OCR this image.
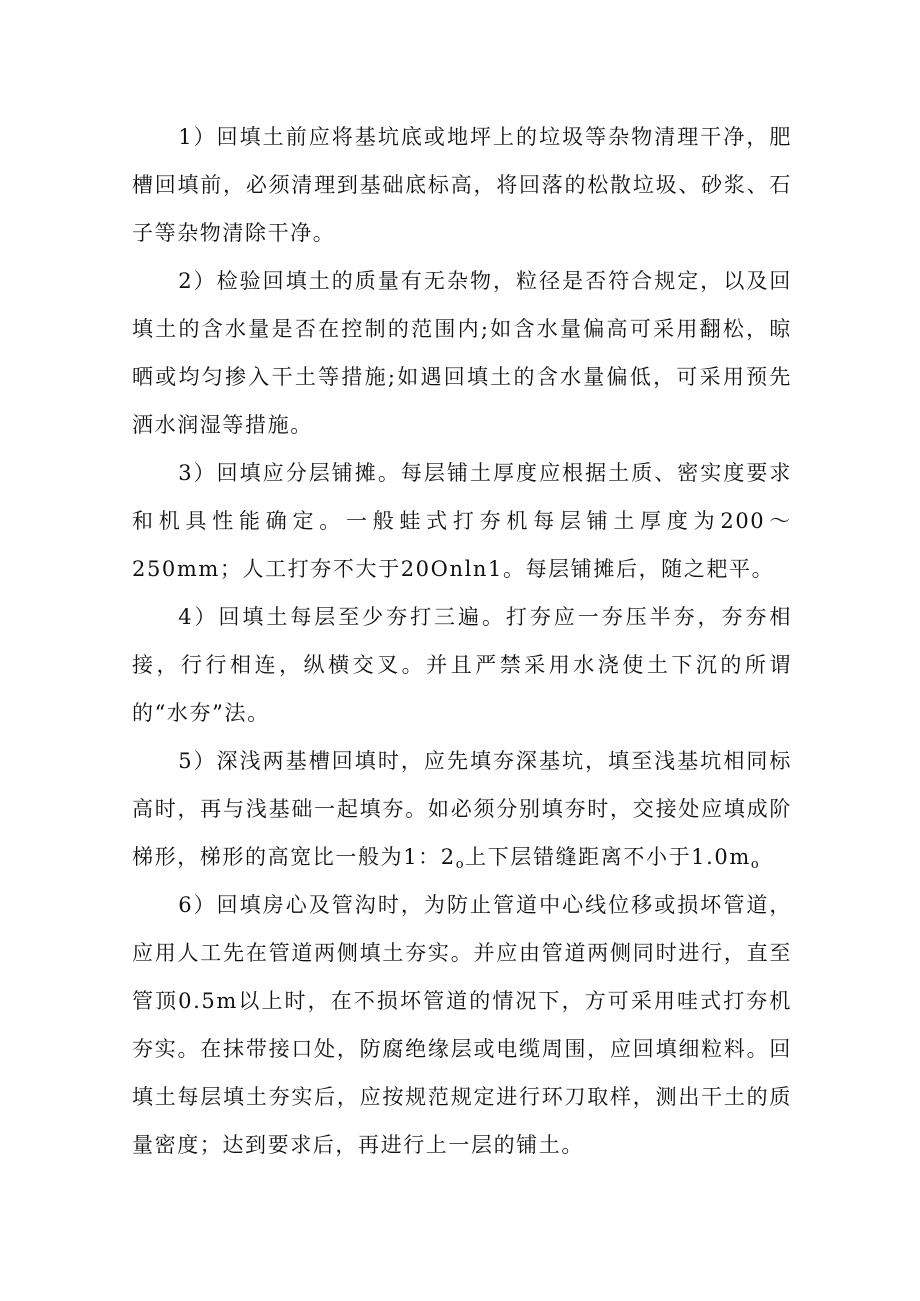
1）回填土前应将基坑底或地坪上的垃圾等杂物清理干净，肥槽回填前，必须清理到基础底标高，将回落的松散垃圾、砂浆、石子等杂物清除干净。

2）检验回填土的质量有无杂物，粒径是否符合规定，以及回填土的含水量是否在控制的范围内;如含水量偏高可采用翻松，晾晒或均匀掺入干土等措施;如遇回填土的含水量偏低，可采用预先洒水润湿等措施。

3）回填应分层铺摊。每层铺土厚度应根据土质、密实度要求和机具性能确定。一般蛙式打夯机每层铺土厚度为200～250mm；人工打夯不大于20Onln1。每层铺摊后，随之耙平。

4）回填土每层至少夯打三遍。打夯应一夯压半夯，夯夯相接，行行相连，纵横交叉。并且严禁采用水浇使土下沉的所谓的“水夯”法。

5）深浅两基槽回填时，应先填夯深基坑，填至浅基坑相同标高时，再与浅基础一起填夯。如必须分别填夯时，交接处应填成阶梯形，梯形的高宽比一般为1：$2_o$上下层错缝距离不小于$1.0m_o$

6）回填房心及管沟时，为防止管道中心线位移或损坏管道，应用人工先在管道两侧填土夯实。并应由管道两侧同时进行，直至管顶0.5m以上时，在不损坏管道的情况下，方可采用哇式打夯机夯实。在抹带接口处，防腐绝缘层或电缆周围，应回填细粒料。回填土每层填土夯实后，应按规范规定进行环刀取样，测出干土的质量密度；达到要求后，再进行上一层的铺土。
